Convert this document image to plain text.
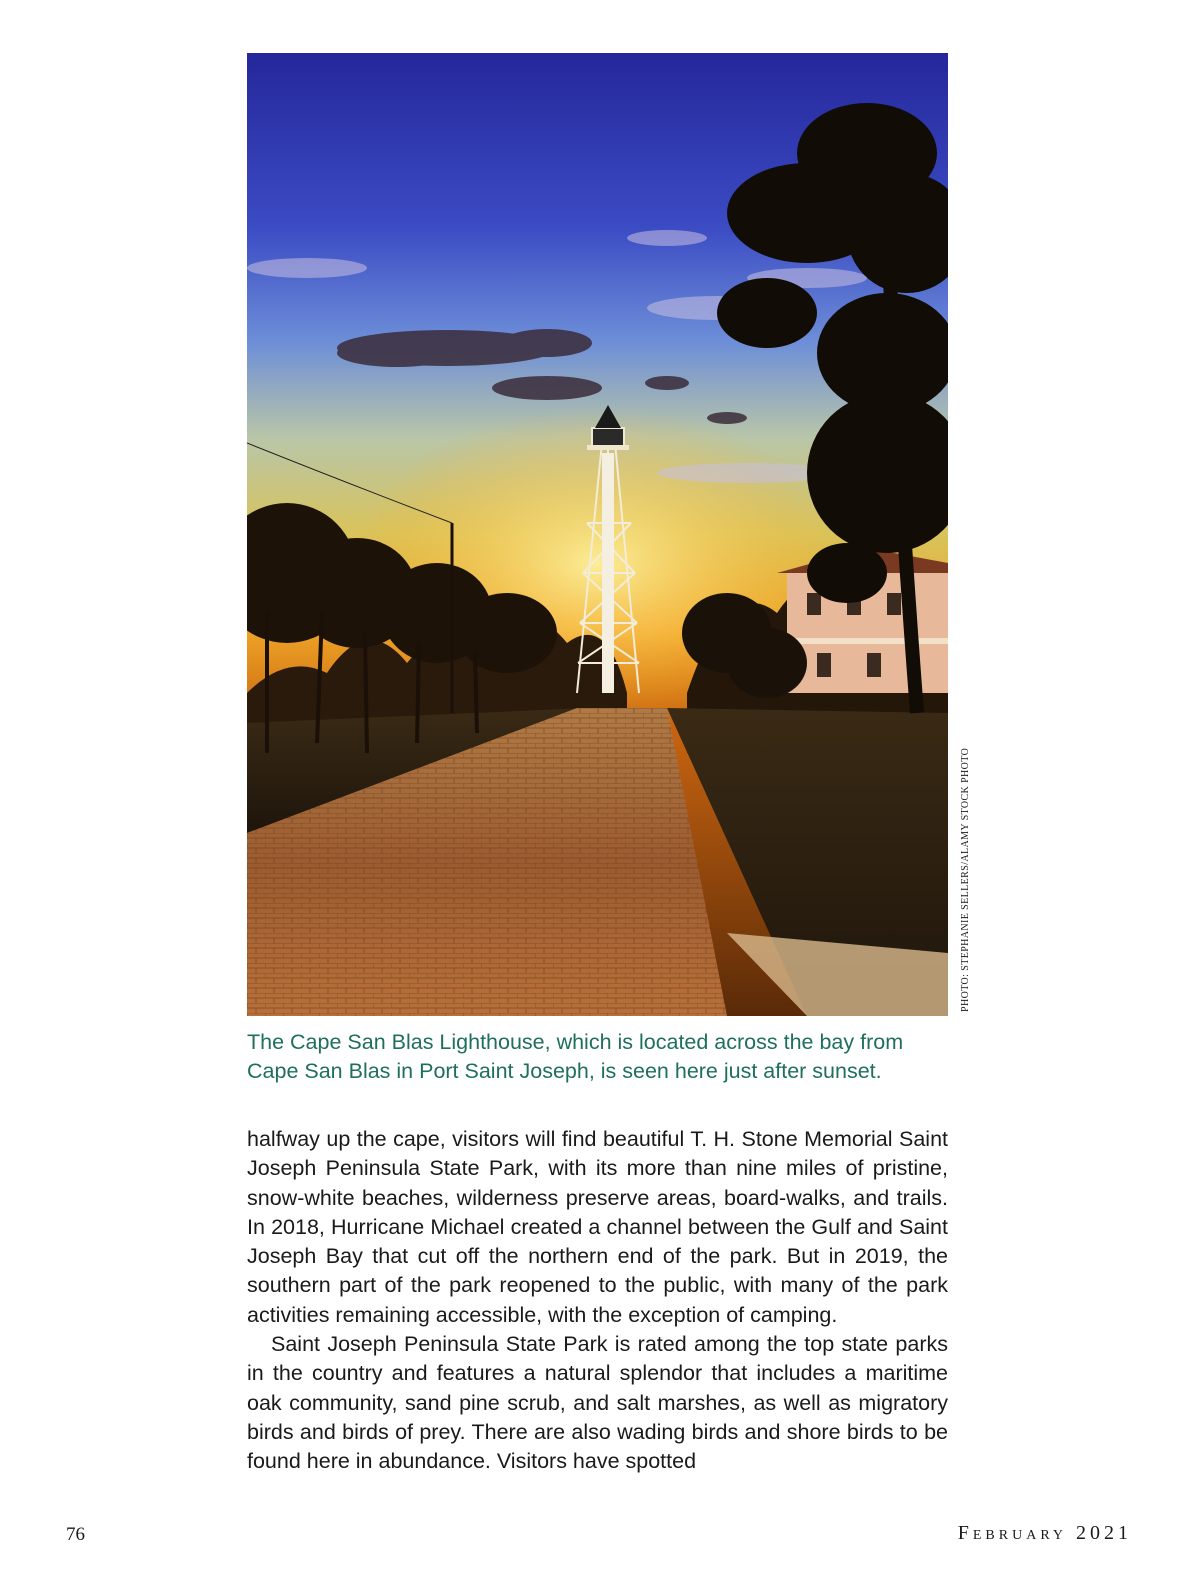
PHOTO: STEPHANIE SELLERS/ALAMY STOCK PHOTO

The Cape San Blas Lighthouse, which is located across the bay from Cape San Blas in Port Saint Joseph, is seen here just after sunset.

halfway up the cape, visitors will find beautiful T. H. Stone Memorial Saint Joseph Peninsula State Park, with its more than nine miles of pristine, snow-white beaches, wilderness preserve areas, board-walks, and trails. In 2018, Hurricane Michael created a channel between the Gulf and Saint Joseph Bay that cut off the northern end of the park. But in 2019, the southern part of the park reopened to the public, with many of the park activities remaining accessible, with the exception of camping.

Saint Joseph Peninsula State Park is rated among the top state parks in the country and features a natural splendor that includes a maritime oak community, sand pine scrub, and salt marshes, as well as migratory birds and birds of prey. There are also wading birds and shore birds to be found here in abundance. Visitors have spotted

76	February 2021
